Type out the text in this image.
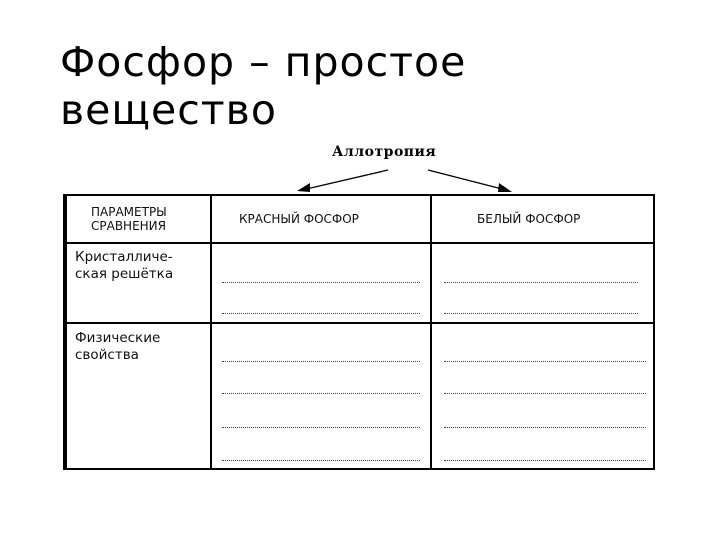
Фосфор – простое
вещество
Аллотропия
ПАРАМЕТРЫ
СРАВНЕНИЯ	КРАСНЫЙ ФОСФОР	БЕЛЫЙ ФОСФОР
Кристалличе-
ская решётка
Физические
свойства
